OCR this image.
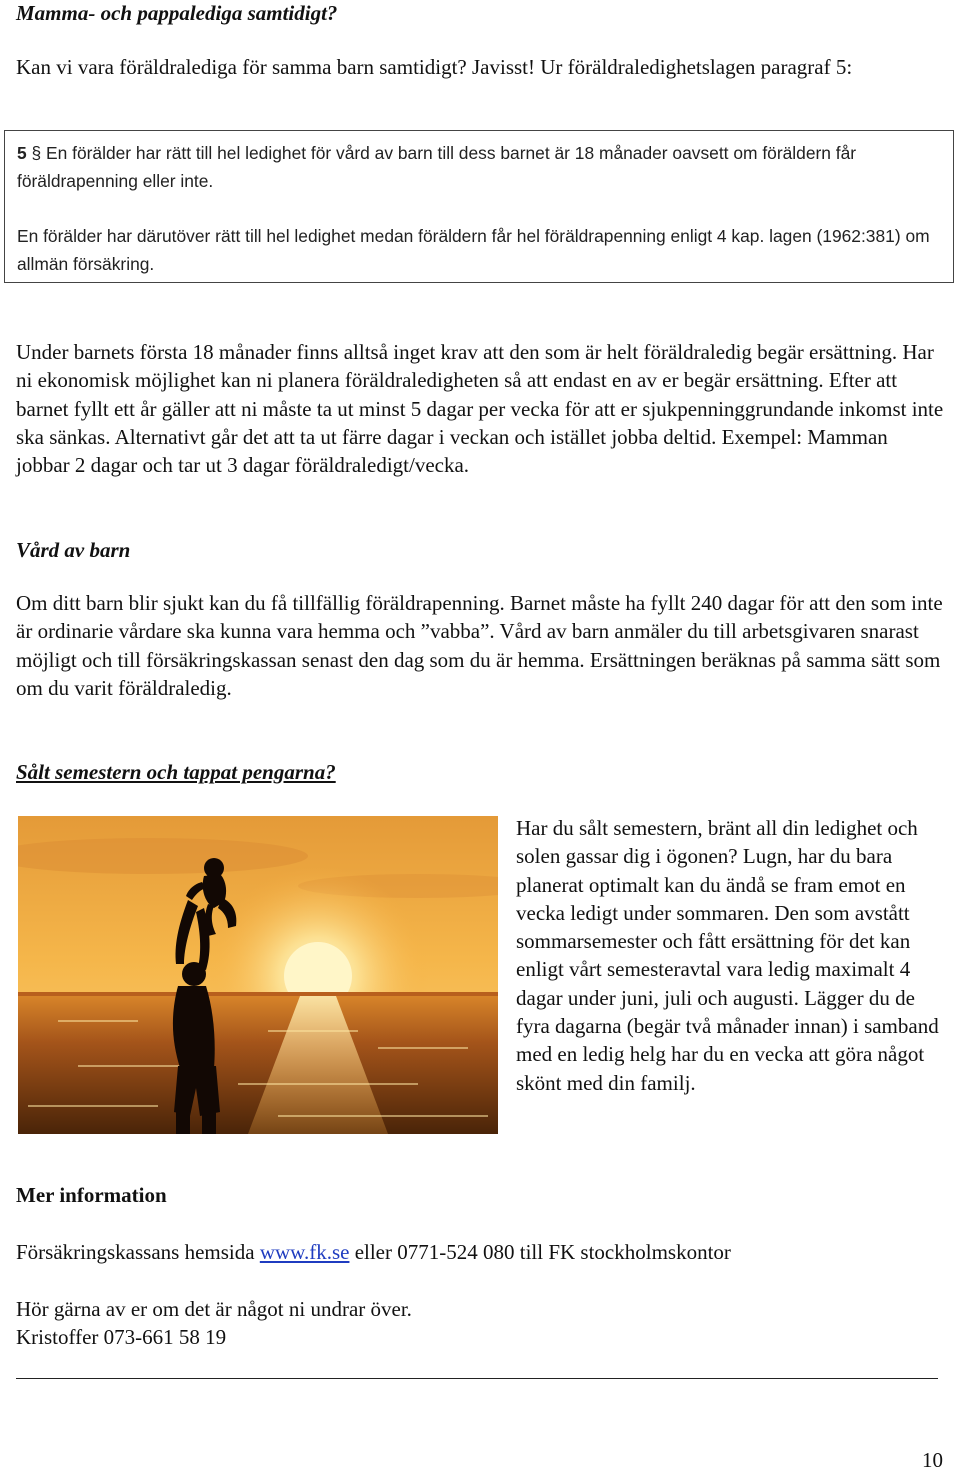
Mamma- och pappalediga samtidigt?

Kan vi vara föräldralediga för samma barn samtidigt? Javisst! Ur föräldraledighetslagen paragraf 5:

5 § En förälder har rätt till hel ledighet för vård av barn till dess barnet är 18 månader oavsett om föräldern får föräldrapenning eller inte.

En förälder har därutöver rätt till hel ledighet medan föräldern får hel föräldrapenning enligt 4 kap. lagen (1962:381) om allmän försäkring.

Under barnets första 18 månader finns alltså inget krav att den som är helt föräldraledig begär ersättning. Har ni ekonomisk möjlighet kan ni planera föräldraledigheten så att endast en av er begär ersättning. Efter att barnet fyllt ett år gäller att ni måste ta ut minst 5 dagar per vecka för att er sjukpenninggrundande inkomst inte ska sänkas. Alternativt går det att ta ut färre dagar i veckan och istället jobba deltid. Exempel: Mamman jobbar 2 dagar och tar ut 3 dagar föräldraledigt/vecka.

Vård av barn

Om ditt barn blir sjukt kan du få tillfällig föräldrapenning. Barnet måste ha fyllt 240 dagar för att den som inte är ordinarie vårdare ska kunna vara hemma och ”vabba”. Vård av barn anmäler du till arbetsgivaren snarast möjligt och till försäkringskassan senast den dag som du är hemma. Ersättningen beräknas på samma sätt som om du varit föräldraledig.

Sålt semestern och tappat pengarna?

Har du sålt semestern, bränt all din ledighet och solen gassar dig i ögonen? Lugn, har du bara planerat optimalt kan du ändå se fram emot en vecka ledigt under sommaren. Den som avstått sommarsemester och fått ersättning för det kan enligt vårt semesteravtal vara ledig maximalt 4 dagar under juni, juli och augusti. Lägger du de fyra dagarna (begär två månader innan) i samband med en ledig helg har du en vecka att göra något skönt med din familj.

Mer information

Försäkringskassans hemsida www.fk.se eller 0771-524 080 till FK stockholmskontor

Hör gärna av er om det är något ni undrar över.
Kristoffer 073-661 58 19

10
